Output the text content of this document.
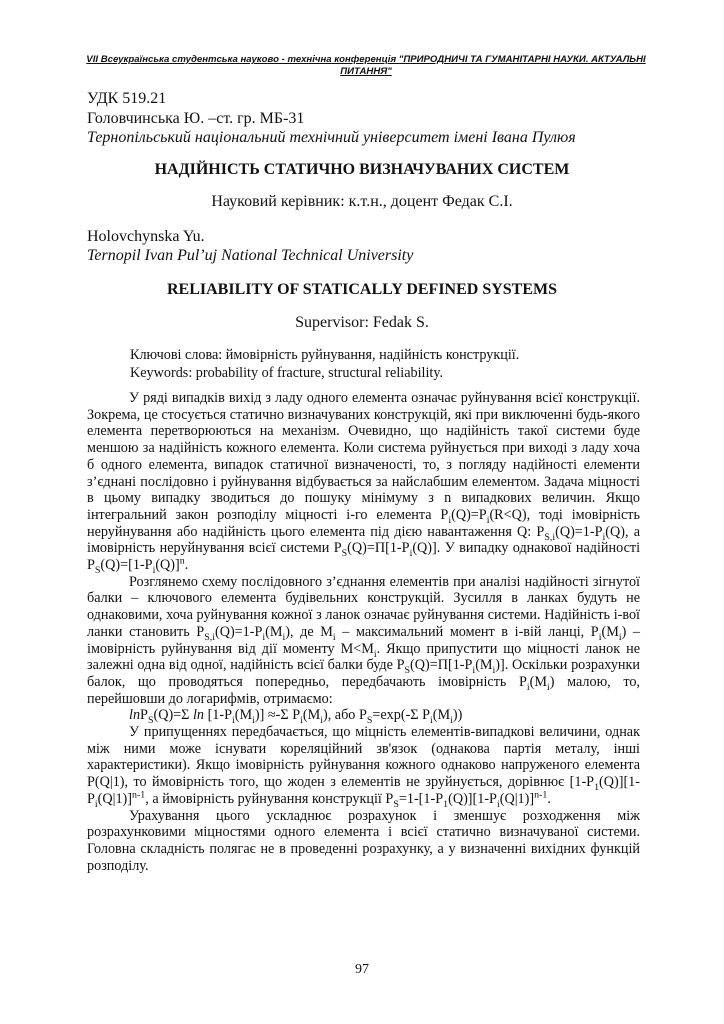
VII Всеукраїнська студентська науково - технічна конференція "ПРИРОДНИЧІ ТА ГУМАНІТАРНІ НАУКИ. АКТУАЛЬНІ ПИТАННЯ"
УДК 519.21
Головчинська Ю. –ст. гр. МБ-31
Тернопільський національний технічний університет імені Івана Пулюя
НАДІЙНІСТЬ СТАТИЧНО ВИЗНАЧУВАНИХ СИСТЕМ
Науковий керівник: к.т.н., доцент Федак С.І.
Holovchynska Yu.
Ternopil Ivan Pul’uj National Technical University
RELIABILITY OF STATICALLY DEFINED SYSTEMS
Supervisor: Fedak S.
Ключові слова: ймовірність руйнування, надійність конструкції.
Keywords: probability of fracture, structural reliability.

У ряді випадків вихід з ладу одного елемента означає руйнування всієї конструкції. Зокрема, це стосується статично визначуваних конструкцій, які при виключенні будь-якого елемента перетворюються на механізм. Очевидно, що надійність такої системи буде меншою за надійність кожного елемента. Коли система руйнується при виході з ладу хоча б одного елемента, випадок статичної визначеності, то, з погляду надійності елементи з’єднані послідовно і руйнування відбувається за найслабшим елементом. Задача міцності в цьому випадку зводиться до пошуку мінімуму з n випадкових величин. Якщо інтегральний закон розподілу міцності i-го елемента $P_i(Q)=P_i(R<Q)$, тоді імовірність неруйнування або надійність цього елемента під дією навантаження Q: $P_{S,i}(Q)=1-P_i(Q)$, а імовірність неруйнування всієї системи $P_S(Q)=П[1-P_i(Q)]$. У випадку однакової надійності $P_S(Q)=[1-P_i(Q)]^n$.

Розглянемо схему послідовного з’єднання елементів при аналізі надійності зігнутої балки – ключового елемента будівельних конструкцій. Зусилля в ланках будуть не однаковими, хоча руйнування кожної з ланок означає руйнування системи. Надійність i-вої ланки становить $P_{S,i}(Q)=1-P_i(M_i)$, де $M_i$ – максимальний момент в i-вій ланці, $P_i(M_i)$ – імовірність руйнування від дії моменту $M<M_i$. Якщо припустити що міцності ланок не залежні одна від одної, надійність всієї балки буде $P_S(Q)=П[1-P_i(M_i)]$. Оскільки розрахунки балок, що проводяться попередньо, передбачають імовірність $P_i(M_i)$ малою, то, перейшовши до логарифмів, отримаємо:

lnP$_S$(Q)=Σ $\ln [1-P_i(M_i)] \approx-\Sigma$ $P_i(M_i)$, або $P_S=\exp(-\Sigma$ $P_i(M_i)$)

У припущеннях передбачається, що міцність елементів-випадкові величини, однак між ними може існувати кореляційний зв'язок (однакова партія металу, інші характеристики). Якщо імовірність руйнування кожного однаково напруженого елемента P(Q|1), то ймовірність того, що жоден з елементів не зруйнується, дорівнює $[1-P_1(Q)][1-P_i(Q|1)]^{n-1}$, а ймовірність руйнування конструкції $P_S=1-[1-P_1(Q)][1-P_i(Q|1)]^{n-1}$.

Урахування цього ускладнює розрахунок і зменшує розходження між розрахунковими міцностями одного елемента і всієї статично визначуваної системи. Головна складність полягає не в проведенні розрахунку, а у визначенні вихідних функцій розподілу.

97
